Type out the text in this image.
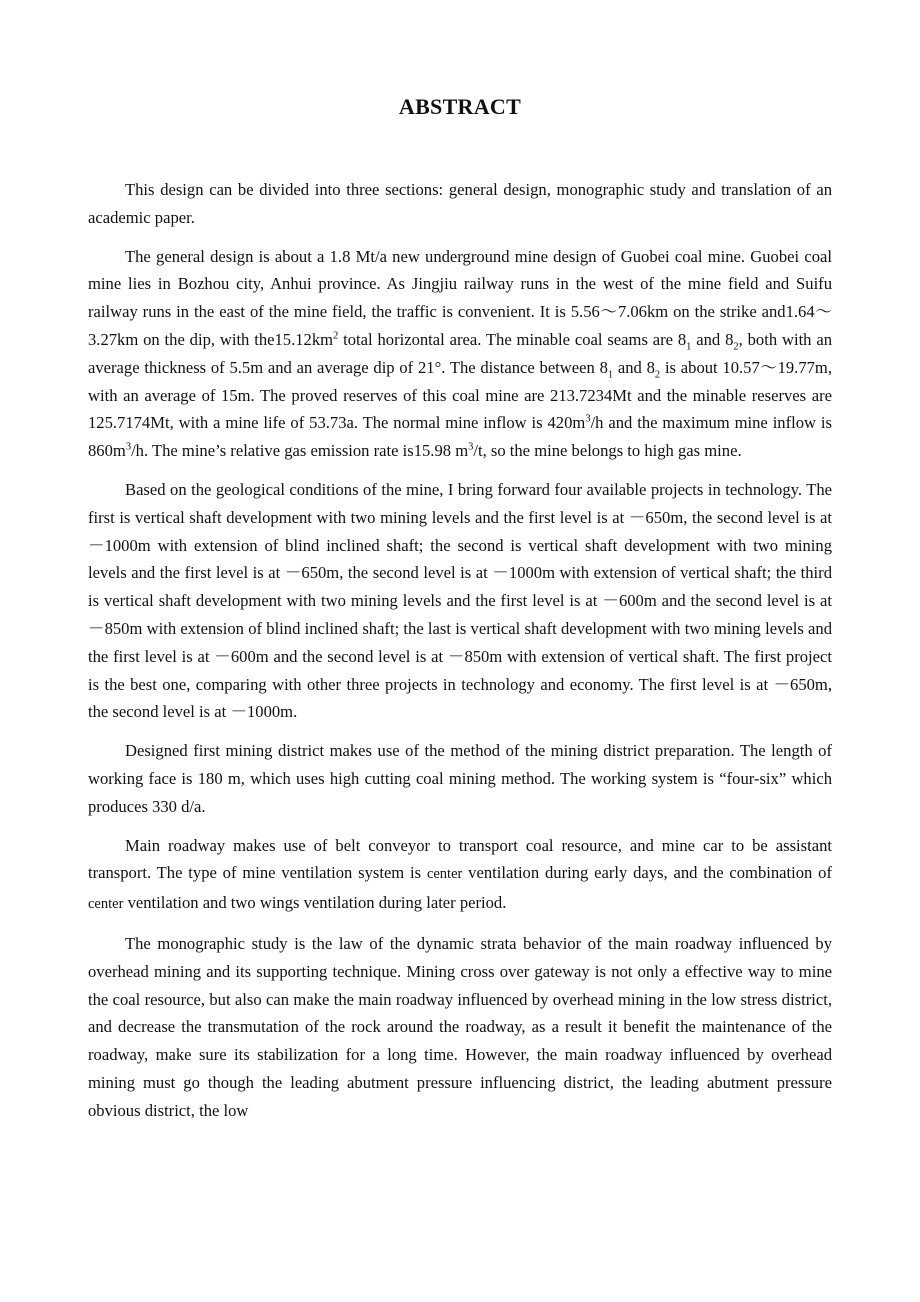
ABSTRACT

This design can be divided into three sections: general design, monographic study and translation of an academic paper.

The general design is about a 1.8 Mt/a new underground mine design of Guobei coal mine. Guobei coal mine lies in Bozhou city, Anhui province. As Jingjiu railway runs in the west of the mine field and Suifu railway runs in the east of the mine field, the traffic is convenient. It is 5.56～7.06km on the strike and1.64～3.27km on the dip, with $the15.12km^2$ total horizontal area. The minable coal seams are $8_1$ and $8_2$, both with an average thickness of 5.5m and an average dip of 21°. The distance between $8_1$ and $8_2$ is about 10.57～19.77m, with an average of 15m. The proved reserves of this coal mine are 213.7234Mt and the minable reserves are 125.7174Mt, with a mine life of 53.73a. The normal mine inflow is $420m^3/h$ and the maximum mine inflow is $860m^3/h$. The mine’s relative gas emission rate is15.98 $m^3/t$, so the mine belongs to high gas mine.

Based on the geological conditions of the mine, I bring forward four available projects in technology. The first is vertical shaft development with two mining levels and the first level is at －650m, the second level is at －1000m with extension of blind inclined shaft; the second is vertical shaft development with two mining levels and the first level is at －650m, the second level is at －1000m with extension of vertical shaft; the third is vertical shaft development with two mining levels and the first level is at －600m and the second level is at －850m with extension of blind inclined shaft; the last is vertical shaft development with two mining levels and the first level is at －600m and the second level is at －850m with extension of vertical shaft. The first project is the best one, comparing with other three projects in technology and economy. The first level is at －650m, the second level is at －1000m.

Designed first mining district makes use of the method of the mining district preparation. The length of working face is 180 m, which uses high cutting coal mining method. The working system is “four-six” which produces 330 d/a.

Main roadway makes use of belt conveyor to transport coal resource, and mine car to be assistant transport. The type of mine ventilation system is center ventilation during early days, and the combination of center ventilation and two wings ventilation during later period.

The monographic study is the law of the dynamic strata behavior of the main roadway influenced by overhead mining and its supporting technique. Mining cross over gateway is not only a effective way to mine the coal resource, but also can make the main roadway influenced by overhead mining in the low stress district, and decrease the transmutation of the rock around the roadway, as a result it benefit the maintenance of the roadway, make sure its stabilization for a long time. However, the main roadway influenced by overhead mining must go though the leading abutment pressure influencing district, the leading abutment pressure obvious district, the low
